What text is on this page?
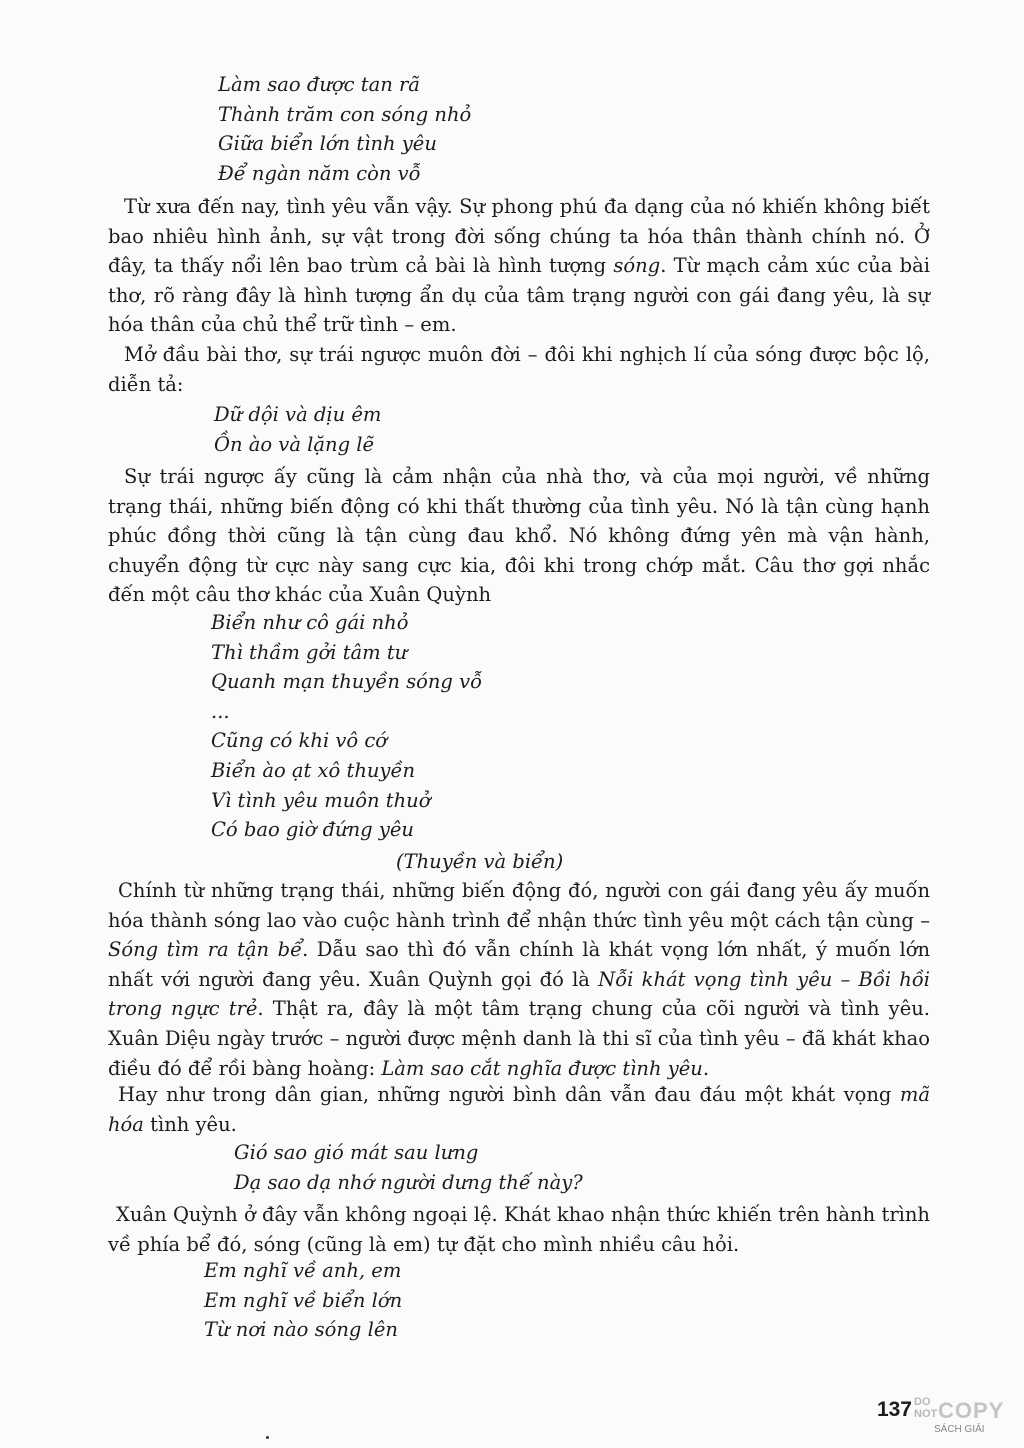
Làm sao được tan rã
Thành trăm con sóng nhỏ
Giữa biển lớn tình yêu
Để ngàn năm còn vỗ

Từ xưa đến nay, tình yêu vẫn vậy. Sự phong phú đa dạng của nó khiến không biết bao nhiêu hình ảnh, sự vật trong đời sống chúng ta hóa thân thành chính nó. Ở đây, ta thấy nổi lên bao trùm cả bài là hình tượng sóng. Từ mạch cảm xúc của bài thơ, rõ ràng đây là hình tượng ẩn dụ của tâm trạng người con gái đang yêu, là sự hóa thân của chủ thể trữ tình – em.

Mở đầu bài thơ, sự trái ngược muôn đời – đôi khi nghịch lí của sóng được bộc lộ, diễn tả:

Dữ dội và dịu êm
Ồn ào và lặng lẽ

Sự trái ngược ấy cũng là cảm nhận của nhà thơ, và của mọi người, về những trạng thái, những biến động có khi thất thường của tình yêu. Nó là tận cùng hạnh phúc đồng thời cũng là tận cùng đau khổ. Nó không đứng yên mà vận hành, chuyển động từ cực này sang cực kia, đôi khi trong chớp mắt. Câu thơ gợi nhắc đến một câu thơ khác của Xuân Quỳnh

Biển như cô gái nhỏ
Thì thầm gởi tâm tư
Quanh mạn thuyền sóng vỗ
...
Cũng có khi vô cớ
Biển ào ạt xô thuyền
Vì tình yêu muôn thuở
Có bao giờ đứng yêu
(Thuyền và biển)

Chính từ những trạng thái, những biến động đó, người con gái đang yêu ấy muốn hóa thành sóng lao vào cuộc hành trình để nhận thức tình yêu một cách tận cùng – Sóng tìm ra tận bể. Dẫu sao thì đó vẫn chính là khát vọng lớn nhất, ý muốn lớn nhất với người đang yêu. Xuân Quỳnh gọi đó là Nỗi khát vọng tình yêu – Bồi hồi trong ngực trẻ. Thật ra, đây là một tâm trạng chung của cõi người và tình yêu. Xuân Diệu ngày trước – người được mệnh danh là thi sĩ của tình yêu – đã khát khao điều đó để rồi bàng hoàng: Làm sao cắt nghĩa được tình yêu.

Hay như trong dân gian, những người bình dân vẫn đau đáu một khát vọng mã hóa tình yêu.

Gió sao gió mát sau lưng
Dạ sao dạ nhớ người dưng thế này?

Xuân Quỳnh ở đây vẫn không ngoại lệ. Khát khao nhận thức khiến trên hành trình về phía bể đó, sóng (cũng là em) tự đặt cho mình nhiều câu hỏi.

Em nghĩ về anh, em
Em nghĩ về biển lớn
Từ nơi nào sóng lên
137 DO
NOT COPY
SÁCH GIẢI
